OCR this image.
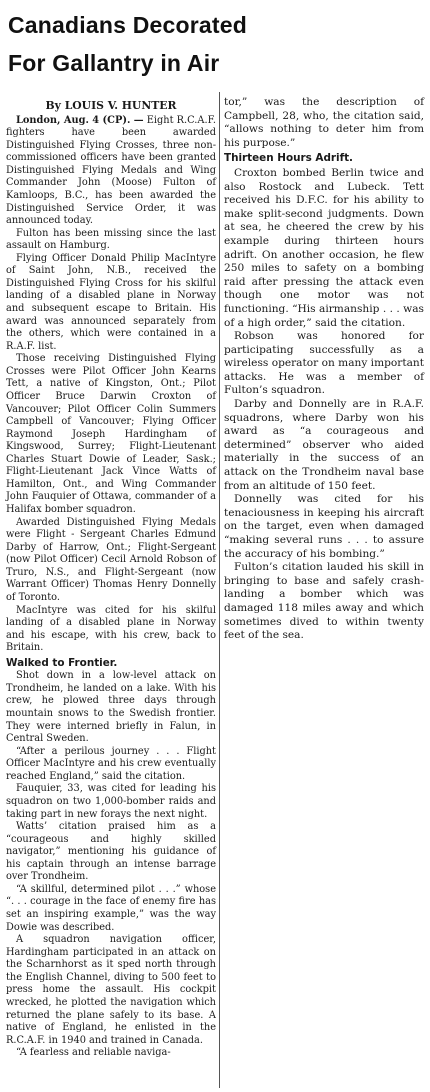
Canadians Decorated
For Gallantry in Air
By LOUIS V. HUNTER

London, Aug. 4 (CP). — Eight R.C.A.F. fighters have been awarded Distinguished Flying Crosses, three non-commissioned officers have been granted Distinguished Flying Medals and Wing Commander John (Moose) Fulton of Kamloops, B.C., has been awarded the Distinguished Service Order, it was announced today.

Fulton has been missing since the last assault on Hamburg.

Flying Officer Donald Philip MacIntyre of Saint John, N.B., received the Distinguished Flying Cross for his skilful landing of a disabled plane in Norway and subsequent escape to Britain. His award was announced separately from the others, which were contained in a R.A.F. list.

Those receiving Distinguished Flying Crosses were Pilot Officer John Kearns Tett, a native of Kingston, Ont.; Pilot Officer Bruce Darwin Croxton of Vancouver; Pilot Officer Colin Summers Campbell of Vancouver; Flying Officer Raymond Joseph Hardingham of Kingswood, Surrey; Flight-Lieutenant Charles Stuart Dowie of Leader, Sask.; Flight-Lieutenant Jack Vince Watts of Hamilton, Ont., and Wing Commander John Fauquier of Ottawa, commander of a Halifax bomber squadron.

Awarded Distinguished Flying Medals were Flight - Sergeant Charles Edmund Darby of Harrow, Ont.; Flight-Sergeant (now Pilot Officer) Cecil Arnold Robson of Truro, N.S., and Flight-Sergeant (now Warrant Officer) Thomas Henry Donnelly of Toronto.

MacIntyre was cited for his skilful landing of a disabled plane in Norway and his escape, with his crew, back to Britain.

Walked to Frontier.

Shot down in a low-level attack on Trondheim, he landed on a lake. With his crew, he plowed three days through mountain snows to the Swedish frontier. They were interned briefly in Falun, in Central Sweden.

“After a perilous journey . . . Flight Officer MacIntyre and his crew eventually reached England,” said the citation.

Fauquier, 33, was cited for leading his squadron on two 1,000-bomber raids and taking part in new forays the next night.

Watts’ citation praised him as a “courageous and highly skilled navigator,” mentioning his guidance of his captain through an intense barrage over Trondheim.

“A skillful, determined pilot . . .” whose “. . . courage in the face of enemy fire has set an inspiring example,” was the way Dowie was described.

A squadron navigation officer, Hardingham participated in an attack on the Scharnhorst as it sped north through the English Channel, diving to 500 feet to press home the assault. His cockpit wrecked, he plotted the navigation which returned the plane safely to its base. A native of England, he enlisted in the R.C.A.F. in 1940 and trained in Canada.

“A fearless and reliable naviga-

tor,” was the description of Campbell, 28, who, the citation said, “allows nothing to deter him from his purpose.”

Thirteen Hours Adrift.

Croxton bombed Berlin twice and also Rostock and Lubeck. Tett received his D.F.C. for his ability to make split-second judgments. Down at sea, he cheered the crew by his example during thirteen hours adrift. On another occasion, he flew 250 miles to safety on a bombing raid after pressing the attack even though one motor was not functioning. “His airmanship . . . was of a high order,” said the citation.

Robson was honored for participating successfully as a wireless operator on many important attacks. He was a member of Fulton’s squadron.

Darby and Donnelly are in R.A.F. squadrons, where Darby won his award as “a courageous and determined” observer who aided materially in the success of an attack on the Trondheim naval base from an altitude of 150 feet.

Donnelly was cited for his tenaciousness in keeping his aircraft on the target, even when damaged “making several runs . . . to assure the accuracy of his bombing.”

Fulton’s citation lauded his skill in bringing to base and safely crash-landing a bomber which was damaged 118 miles away and which sometimes dived to within twenty feet of the sea.
